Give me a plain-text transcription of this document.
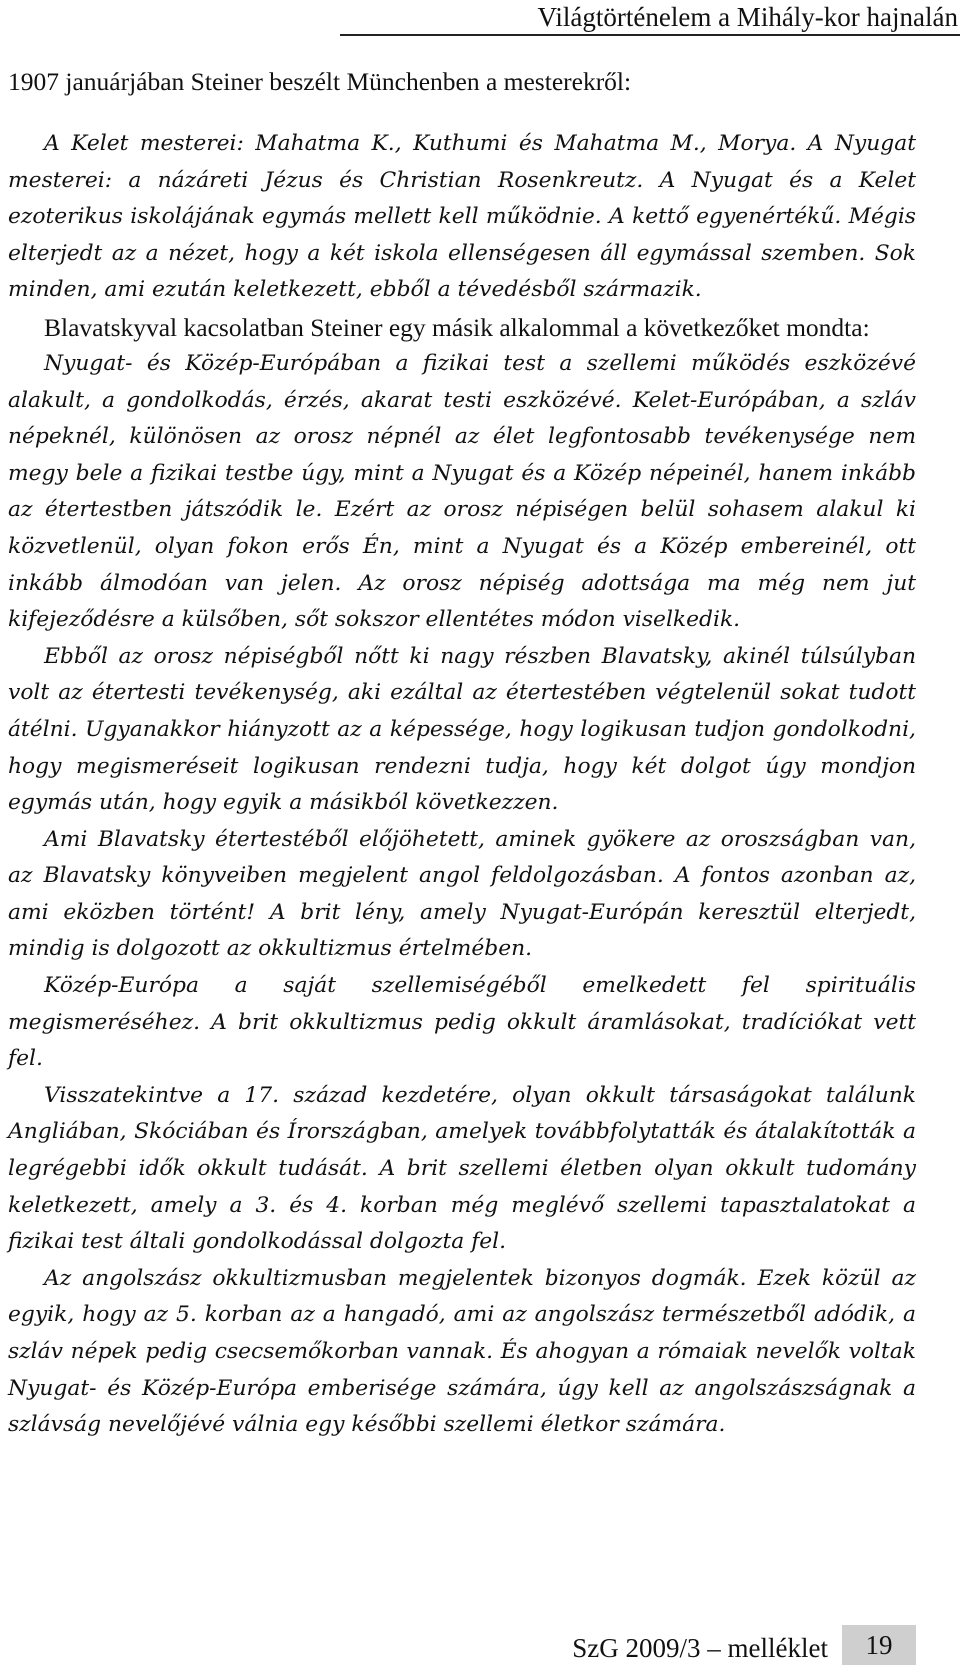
Világtörténelem a Mihály-kor hajnalán

1907 januárjában Steiner beszélt Münchenben a mesterekről:

A Kelet mesterei: Mahatma K., Kuthumi és Mahatma M., Morya. A Nyugat mesterei: a názáreti Jézus és Christian Rosenkreutz. A Nyugat és a Kelet ezoterikus iskolájának egymás mellett kell működnie. A kettő egyenértékű. Mégis elterjedt az a nézet, hogy a két iskola ellenségesen áll egymással szemben. Sok minden, ami ezután keletkezett, ebből a tévedésből származik.

Blavatskyval kacsolatban Steiner egy másik alkalommal a következőket mondta:

Nyugat- és Közép-Európában a fizikai test a szellemi működés eszközévé alakult, a gondolkodás, érzés, akarat testi eszközévé. Kelet-Európában, a szláv népeknél, különösen az orosz népnél az élet legfontosabb tevékenysége nem megy bele a fizikai testbe úgy, mint a Nyugat és a Közép népeinél, hanem inkább az étertestben játszódik le. Ezért az orosz népiségen belül sohasem alakul ki közvetlenül, olyan fokon erős Én, mint a Nyugat és a Közép embereinél, ott inkább álmodóan van jelen. Az orosz népiség adottsága ma még nem jut kifejeződésre a külsőben, sőt sokszor ellentétes módon viselkedik.

Ebből az orosz népiségből nőtt ki nagy részben Blavatsky, akinél túlsúlyban volt az étertesti tevékenység, aki ezáltal az étertestében végtelenül sokat tudott átélni. Ugyanakkor hiányzott az a képessége, hogy logikusan tudjon gondolkodni, hogy megismeréseit logikusan rendezni tudja, hogy két dolgot úgy mondjon egymás után, hogy egyik a másikból következzen.

Ami Blavatsky étertestéből előjöhetett, aminek gyökere az oroszságban van, az Blavatsky könyveiben megjelent angol feldolgozásban. A fontos azonban az, ami eközben történt! A brit lény, amely Nyugat-Európán keresztül elterjedt, mindig is dolgozott az okkultizmus értelmében.

Közép-Európa a saját szellemiségéből emelkedett fel spirituális megismeréséhez. A brit okkultizmus pedig okkult áramlásokat, tradíciókat vett fel.

Visszatekintve a 17. század kezdetére, olyan okkult társaságokat találunk Angliában, Skóciában és Írországban, amelyek továbbfolytatták és átalakították a legrégebbi idők okkult tudását. A brit szellemi életben olyan okkult tudomány keletkezett, amely a 3. és 4. korban még meglévő szellemi tapasztalatokat a fizikai test általi gondolkodással dolgozta fel.

Az angolszász okkultizmusban megjelentek bizonyos dogmák. Ezek közül az egyik, hogy az 5. korban az a hangadó, ami az angolszász természetből adódik, a szláv népek pedig csecsemőkorban vannak. És ahogyan a rómaiak nevelők voltak Nyugat- és Közép-Európa emberisége számára, úgy kell az angolszászságnak a szlávság nevelőjévé válnia egy későbbi szellemi életkor számára.

SzG 2009/3 – melléklet	19
